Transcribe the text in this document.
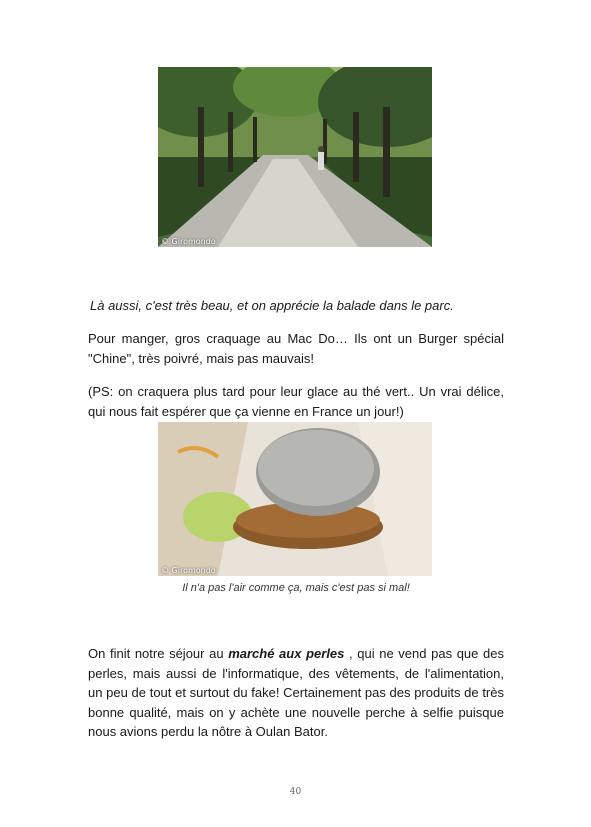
© Giromondo

Là aussi, c'est très beau, et on apprécie la balade dans le parc.

Pour manger, gros craquage au Mac Do… Ils ont un Burger spécial "Chine", très poivré, mais pas mauvais!

(PS: on craquera plus tard pour leur glace au thé vert.. Un vrai délice, qui nous fait espérer que ça vienne en France un jour!)

© Giromondo
Il n'a pas l'air comme ça, mais c'est pas si mal!

On finit notre séjour au marché aux perles , qui ne vend pas que des perles, mais aussi de l'informatique, des vêtements, de l'alimentation, un peu de tout et surtout du fake! Certainement pas des produits de très bonne qualité, mais on y achète une nouvelle perche à selfie puisque nous avions perdu la nôtre à Oulan Bator.

40
